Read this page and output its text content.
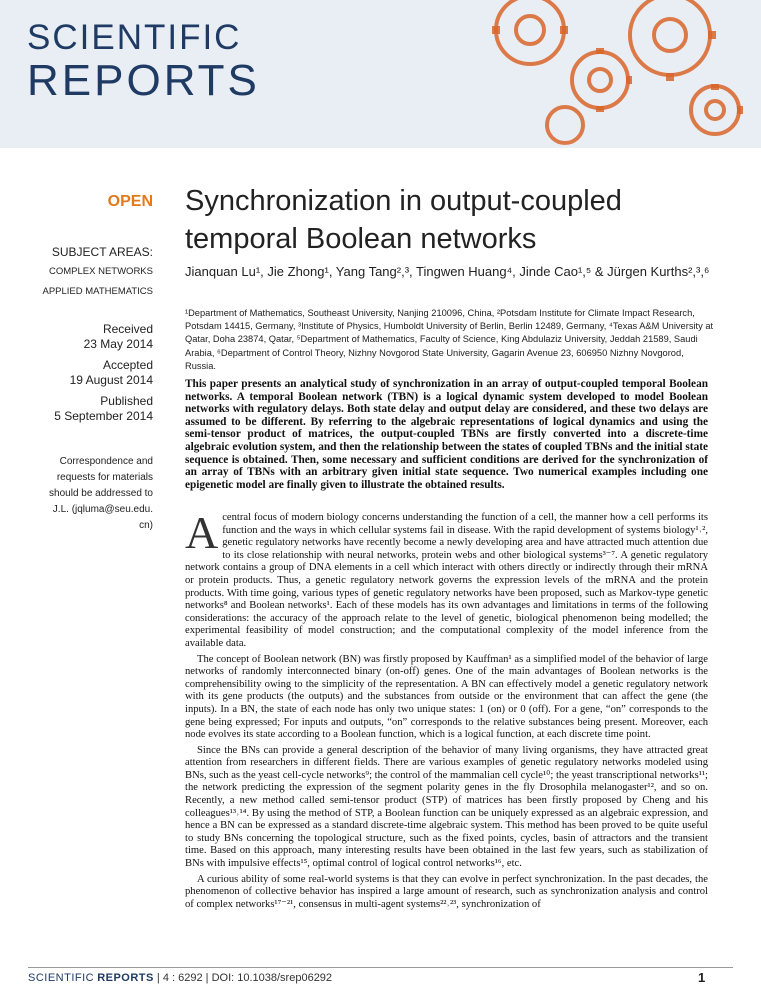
SCIENTIFIC
REPORTS
OPEN
SUBJECT AREAS:
COMPLEX NETWORKS
APPLIED MATHEMATICS
Received
23 May 2014
Accepted
19 August 2014
Published
5 September 2014
Correspondence and
requests for materials
should be addressed to
J.L. (jqluma@seu.edu.
cn)
Synchronization in output-coupled temporal Boolean networks
Jianquan Lu¹, Jie Zhong¹, Yang Tang²,³, Tingwen Huang⁴, Jinde Cao¹,⁵ & Jürgen Kurths²,³,⁶
¹Department of Mathematics, Southeast University, Nanjing 210096, China, ²Potsdam Institute for Climate Impact Research, Potsdam 14415, Germany, ³Institute of Physics, Humboldt University of Berlin, Berlin 12489, Germany, ⁴Texas A&M University at Qatar, Doha 23874, Qatar, ⁵Department of Mathematics, Faculty of Science, King Abdulaziz University, Jeddah 21589, Saudi Arabia, ⁶Department of Control Theory, Nizhny Novgorod State University, Gagarin Avenue 23, 606950 Nizhny Novgorod, Russia.
This paper presents an analytical study of synchronization in an array of output-coupled temporal Boolean networks. A temporal Boolean network (TBN) is a logical dynamic system developed to model Boolean networks with regulatory delays. Both state delay and output delay are considered, and these two delays are assumed to be different. By referring to the algebraic representations of logical dynamics and using the semi-tensor product of matrices, the output-coupled TBNs are firstly converted into a discrete-time algebraic evolution system, and then the relationship between the states of coupled TBNs and the initial state sequence is obtained. Then, some necessary and sufficient conditions are derived for the synchronization of an array of TBNs with an arbitrary given initial state sequence. Two numerical examples including one epigenetic model are finally given to illustrate the obtained results.

Acentral focus of modern biology concerns understanding the function of a cell, the manner how a cell performs its function and the ways in which cellular systems fail in disease. With the rapid development of systems biology¹˒², genetic regulatory networks have recently become a newly developing area and have attracted much attention due to its close relationship with neural networks, protein webs and other biological systems³⁻⁷. A genetic regulatory network contains a group of DNA elements in a cell which interact with others directly or indirectly through their mRNA or protein products. Thus, a genetic regulatory network governs the expression levels of the mRNA and the protein products. With time going, various types of genetic regulatory networks have been proposed, such as Markov-type genetic networks⁸ and Boolean networks¹. Each of these models has its own advantages and limitations in terms of the following considerations: the accuracy of the approach relate to the level of genetic, biological phenomenon being modelled; the experimental feasibility of model construction; and the computational complexity of the model inference from the available data.

The concept of Boolean network (BN) was firstly proposed by Kauffman¹ as a simplified model of the behavior of large networks of randomly interconnected binary (on-off) genes. One of the main advantages of Boolean networks is the comprehensibility owing to the simplicity of the representation. A BN can effectively model a genetic regulatory network with its gene products (the outputs) and the substances from outside or the environment that can affect the gene (the inputs). In a BN, the state of each node has only two unique states: 1 (on) or 0 (off). For a gene, “on” corresponds to the gene being expressed; For inputs and outputs, “on” corresponds to the relative substances being present. Moreover, each node evolves its state according to a Boolean function, which is a logical function, at each discrete time point.

Since the BNs can provide a general description of the behavior of many living organisms, they have attracted great attention from researchers in different fields. There are various examples of genetic regulatory networks modeled using BNs, such as the yeast cell-cycle networks⁹; the control of the mammalian cell cycle¹⁰; the yeast transcriptional networks¹¹; the network predicting the expression of the segment polarity genes in the fly Drosophila melanogaster¹², and so on. Recently, a new method called semi-tensor product (STP) of matrices has been firstly proposed by Cheng and his colleagues¹³˒¹⁴. By using the method of STP, a Boolean function can be uniquely expressed as an algebraic expression, and hence a BN can be expressed as a standard discrete-time algebraic system. This method has been proved to be quite useful to study BNs concerning the topological structure, such as the fixed points, cycles, basin of attractors and the transient time. Based on this approach, many interesting results have been obtained in the last few years, such as stabilization of BNs with impulsive effects¹⁵, optimal control of logical control networks¹⁶, etc.

A curious ability of some real-world systems is that they can evolve in perfect synchronization. In the past decades, the phenomenon of collective behavior has inspired a large amount of research, such as synchronization analysis and control of complex networks¹⁷⁻²¹, consensus in multi-agent systems²²˒²³, synchronization of

SCIENTIFIC REPORTS | 4 : 6292 | DOI: 10.1038/srep06292	1
